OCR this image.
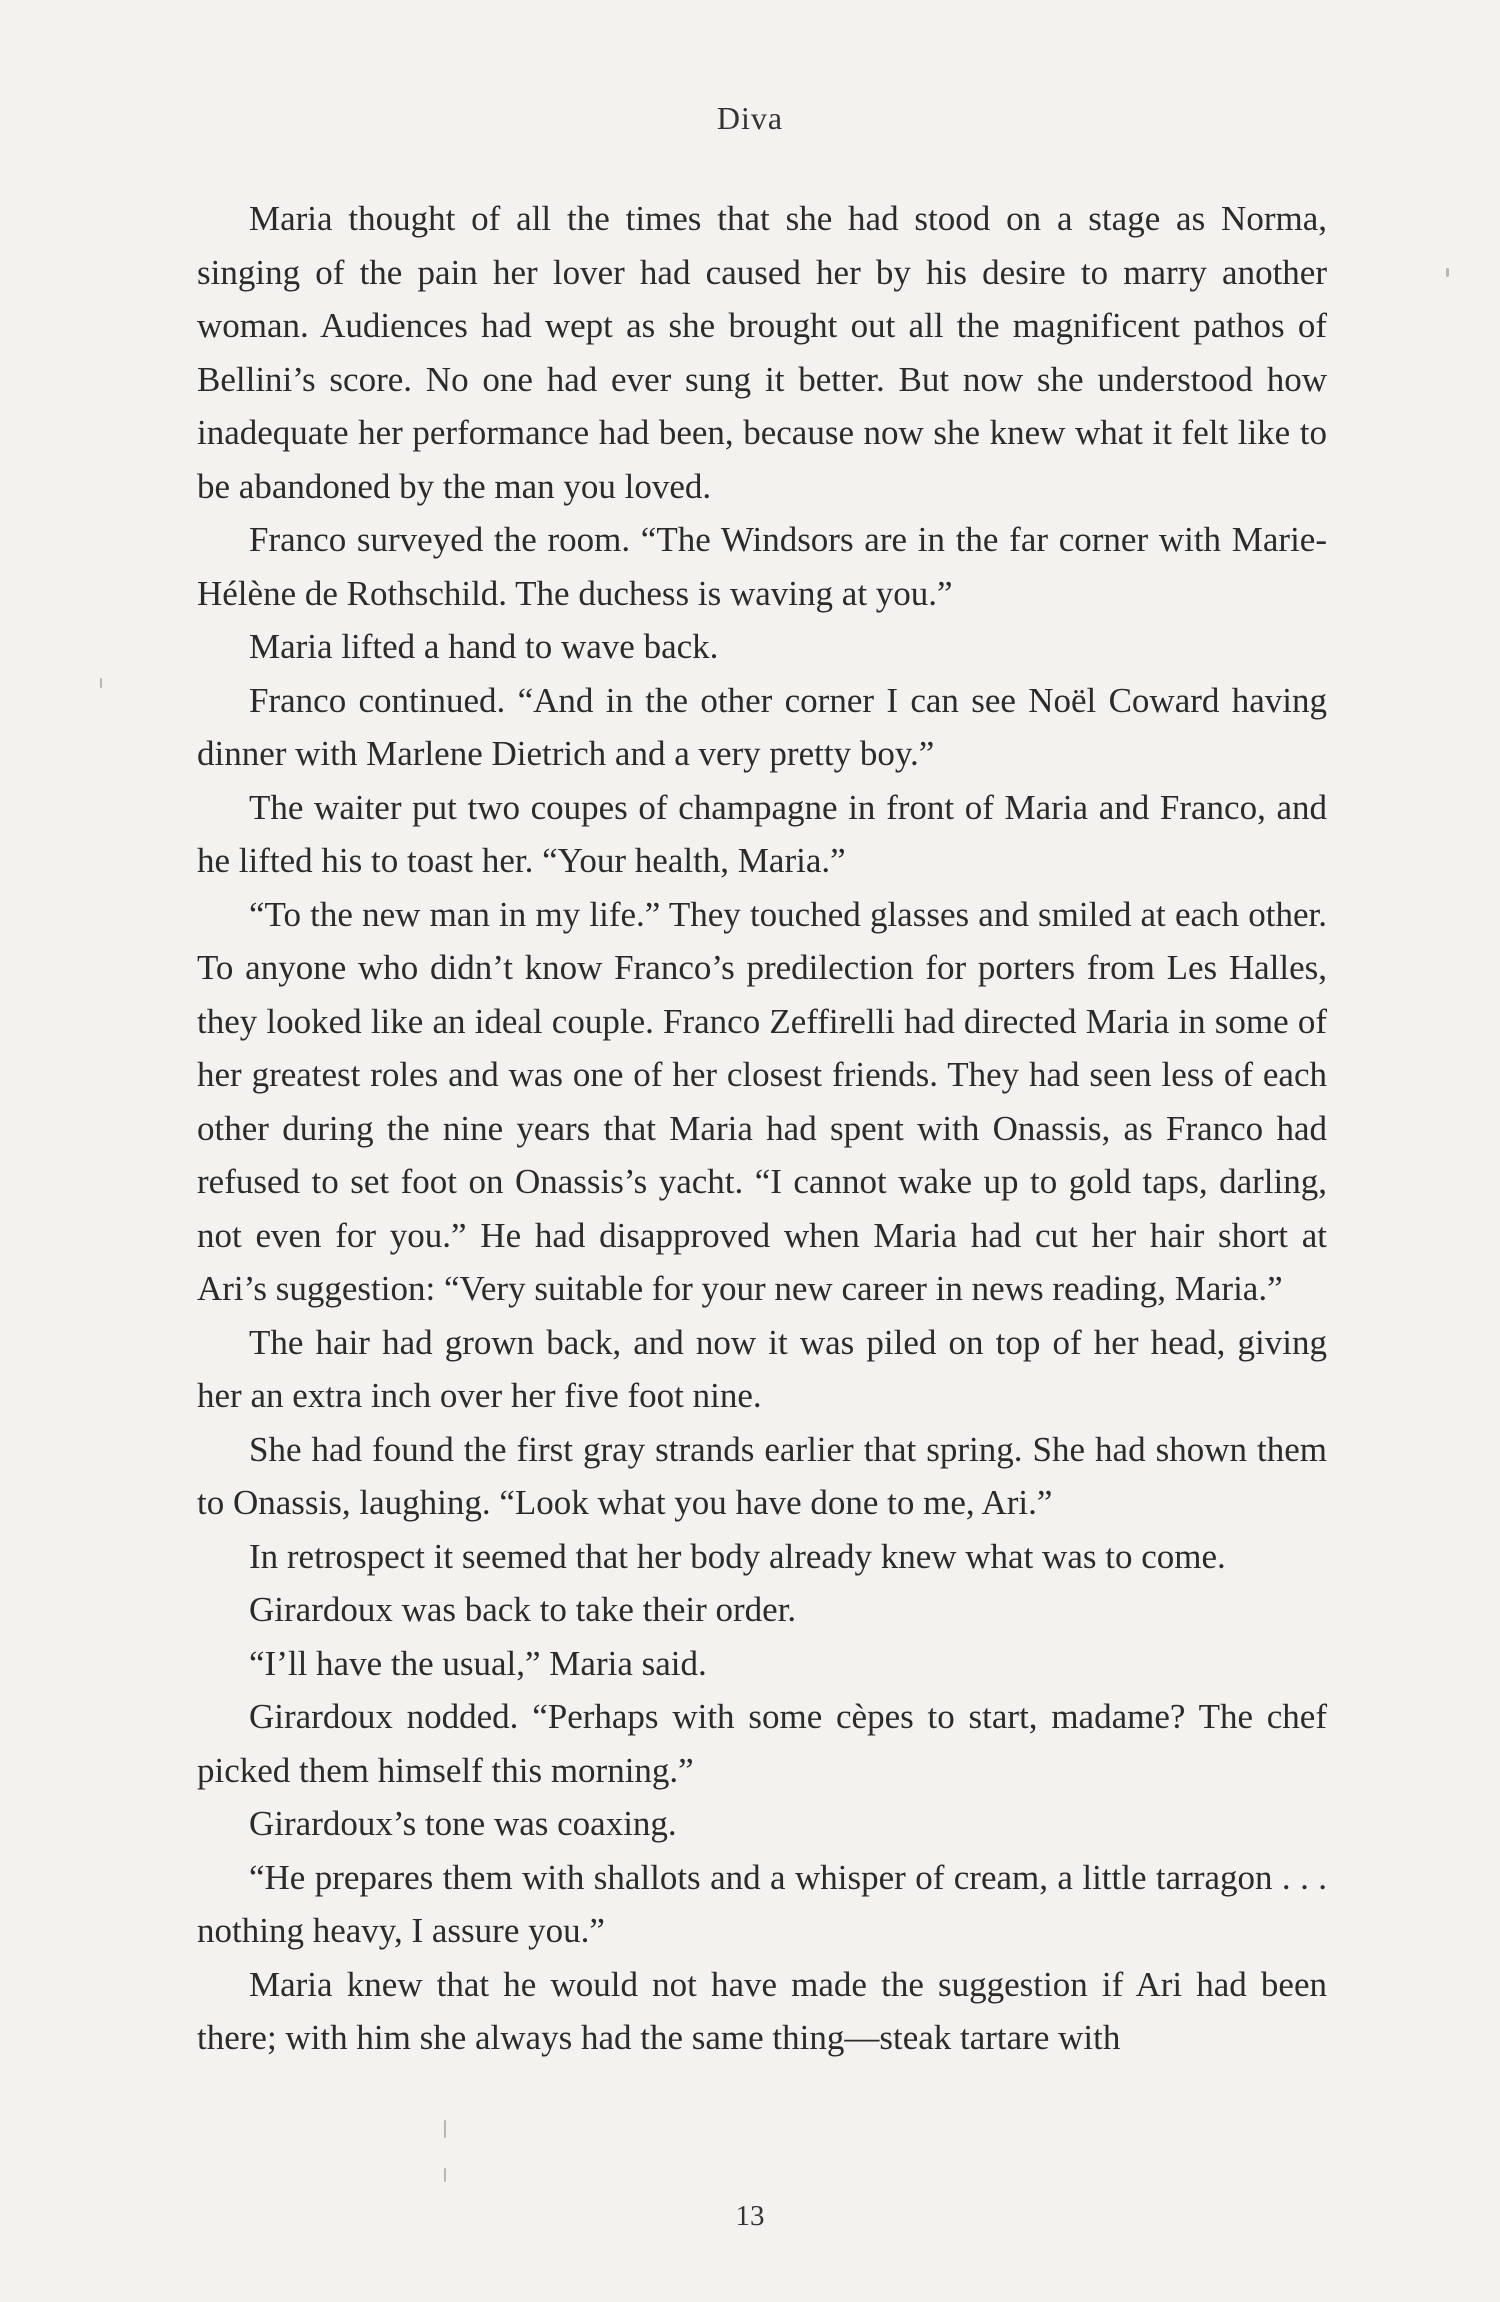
Diva

Maria thought of all the times that she had stood on a stage as Norma, singing of the pain her lover had caused her by his desire to marry another woman. Audiences had wept as she brought out all the magnificent pathos of Bellini’s score. No one had ever sung it better. But now she understood how inadequate her performance had been, because now she knew what it felt like to be abandoned by the man you loved.

Franco surveyed the room. “The Windsors are in the far corner with Marie-Hélène de Rothschild. The duchess is waving at you.”

Maria lifted a hand to wave back.

Franco continued. “And in the other corner I can see Noël Coward having dinner with Marlene Dietrich and a very pretty boy.”

The waiter put two coupes of champagne in front of Maria and Franco, and he lifted his to toast her. “Your health, Maria.”

“To the new man in my life.” They touched glasses and smiled at each other. To anyone who didn’t know Franco’s predilection for porters from Les Halles, they looked like an ideal couple. Franco Zeffirelli had directed Maria in some of her greatest roles and was one of her closest friends. They had seen less of each other during the nine years that Maria had spent with Onassis, as Franco had refused to set foot on Onassis’s yacht. “I cannot wake up to gold taps, darling, not even for you.” He had disapproved when Maria had cut her hair short at Ari’s suggestion: “Very suitable for your new career in news reading, Maria.”

The hair had grown back, and now it was piled on top of her head, giving her an extra inch over her five foot nine.

She had found the first gray strands earlier that spring. She had shown them to Onassis, laughing. “Look what you have done to me, Ari.”

In retrospect it seemed that her body already knew what was to come.

Girardoux was back to take their order.

“I’ll have the usual,” Maria said.

Girardoux nodded. “Perhaps with some cèpes to start, madame? The chef picked them himself this morning.”

Girardoux’s tone was coaxing.

“He prepares them with shallots and a whisper of cream, a little tarragon . . . nothing heavy, I assure you.”

Maria knew that he would not have made the suggestion if Ari had been there; with him she always had the same thing—steak tartare with

13
